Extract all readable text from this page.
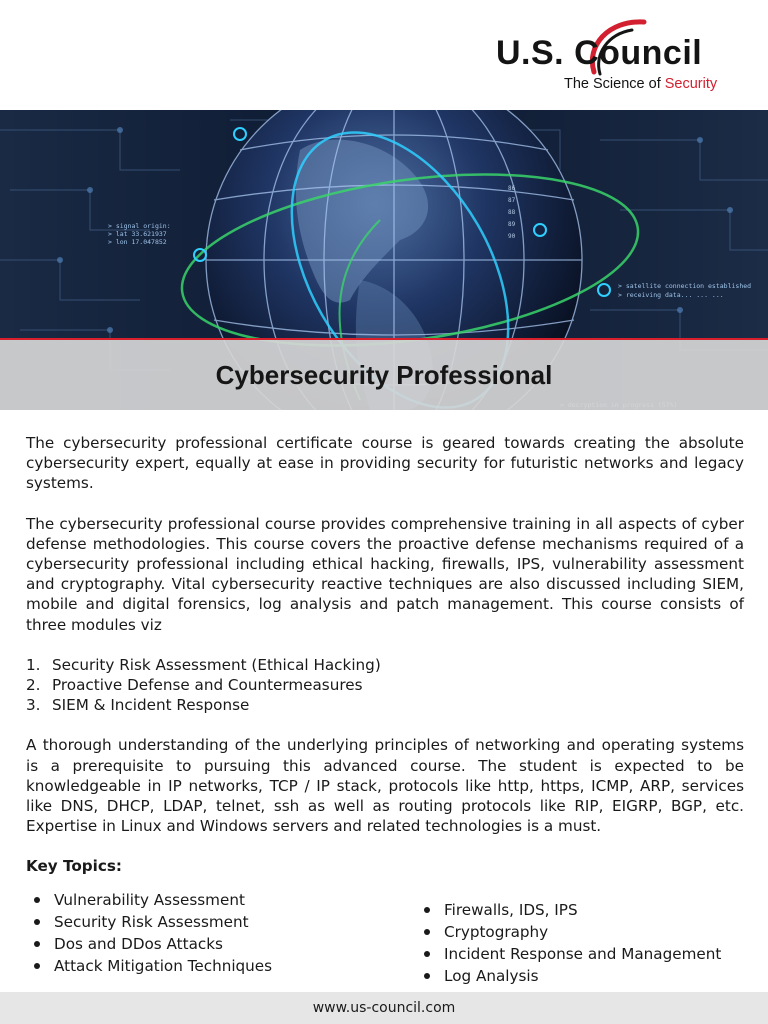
U.S. Council
The Science of Security
> signal origin:
> lat 33.621937
> lon 17.047852
> satellite connection established
> receiving data... ... ...
86
87
88
89
90
Cybersecurity Professional

The cybersecurity professional certificate course is geared towards creating the absolute cybersecurity expert, equally at ease in providing security for futuristic networks and legacy systems.

The cybersecurity professional course provides comprehensive training in all aspects of cyber defense methodologies. This course covers the proactive defense mechanisms required of a cybersecurity professional including ethical hacking, firewalls, IPS, vulnerability assessment and cryptography. Vital cybersecurity reactive techniques are also discussed including SIEM, mobile and digital forensics, log analysis and patch management. This course consists of three modules viz

1. Security Risk Assessment (Ethical Hacking)
2. Proactive Defense and Countermeasures
3. SIEM & Incident Response

A thorough understanding of the underlying principles of networking and operating systems is a prerequisite to pursuing this advanced course. The student is expected to be knowledgeable in IP networks, TCP / IP stack, protocols like http, https, ICMP, ARP, services like DNS, DHCP, LDAP, telnet, ssh as well as routing protocols like RIP, EIGRP, BGP, etc. Expertise in Linux and Windows servers and related technologies is a must.

Key Topics:
Vulnerability Assessment
Security Risk Assessment
Dos and DDos Attacks
Attack Mitigation Techniques
Firewalls, IDS, IPS
Cryptography
Incident Response and Management
Log Analysis
www.us-council.com
